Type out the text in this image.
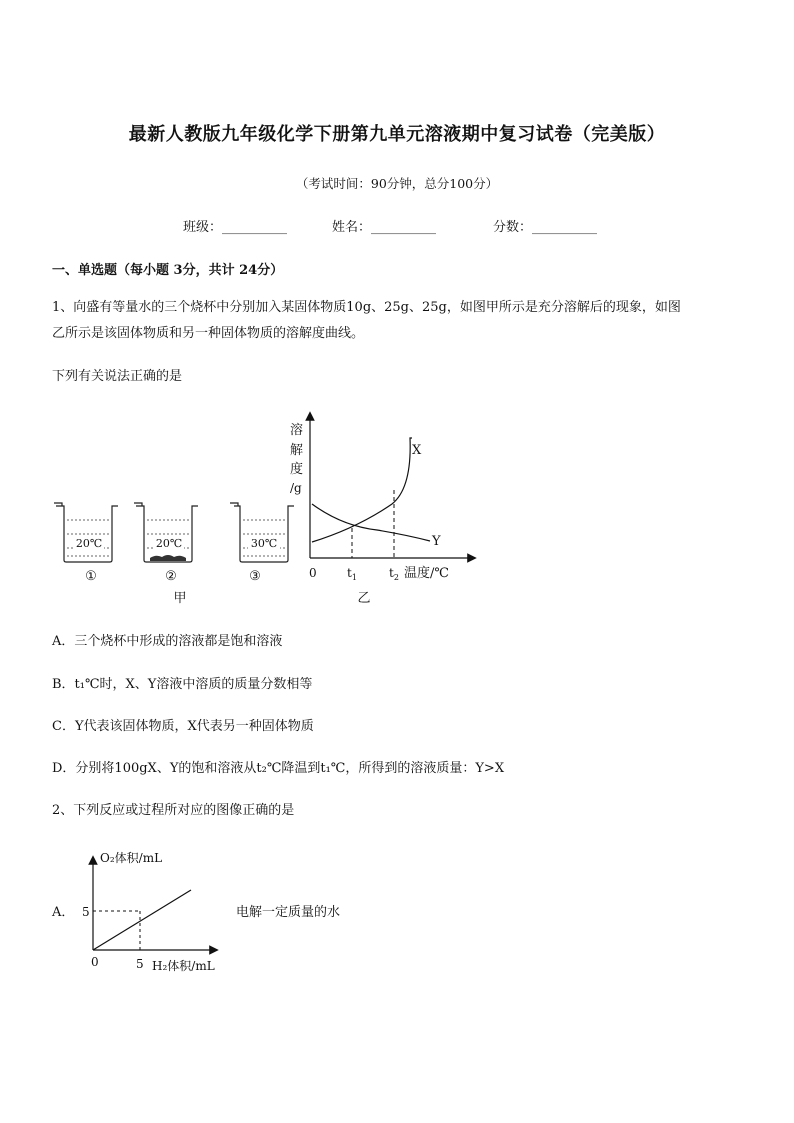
最新人教版九年级化学下册第九单元溶液期中复习试卷（完美版）
（考试时间：90分钟，总分100分）
班级：__________	姓名：__________	分数：__________
一、单选题（每小题 3分，共计 24分）
1、向盛有等量水的三个烧杯中分别加入某固体物质10g、25g、25g，如图甲所示是充分溶解后的现象，如图
乙所示是该固体物质和另一种固体物质的溶解度曲线。
下列有关说法正确的是
20℃
①
20℃
②
30℃
③
甲
溶
解
度
/g
X
Y
0	$t_1$	$t_2$ 温度/℃
乙
A．三个烧杯中形成的溶液都是饱和溶液
B．t₁℃时，X、Y溶液中溶质的质量分数相等
C．Y代表该固体物质，X代表另一种固体物质
D．分别将100gX、Y的饱和溶液从t₂℃降温到t₁℃，所得到的溶液质量：Y>X
2、下列反应或过程所对应的图像正确的是
A．	电解一定质量的水
O₂体积/mL
5
0	5 H₂体积/mL
